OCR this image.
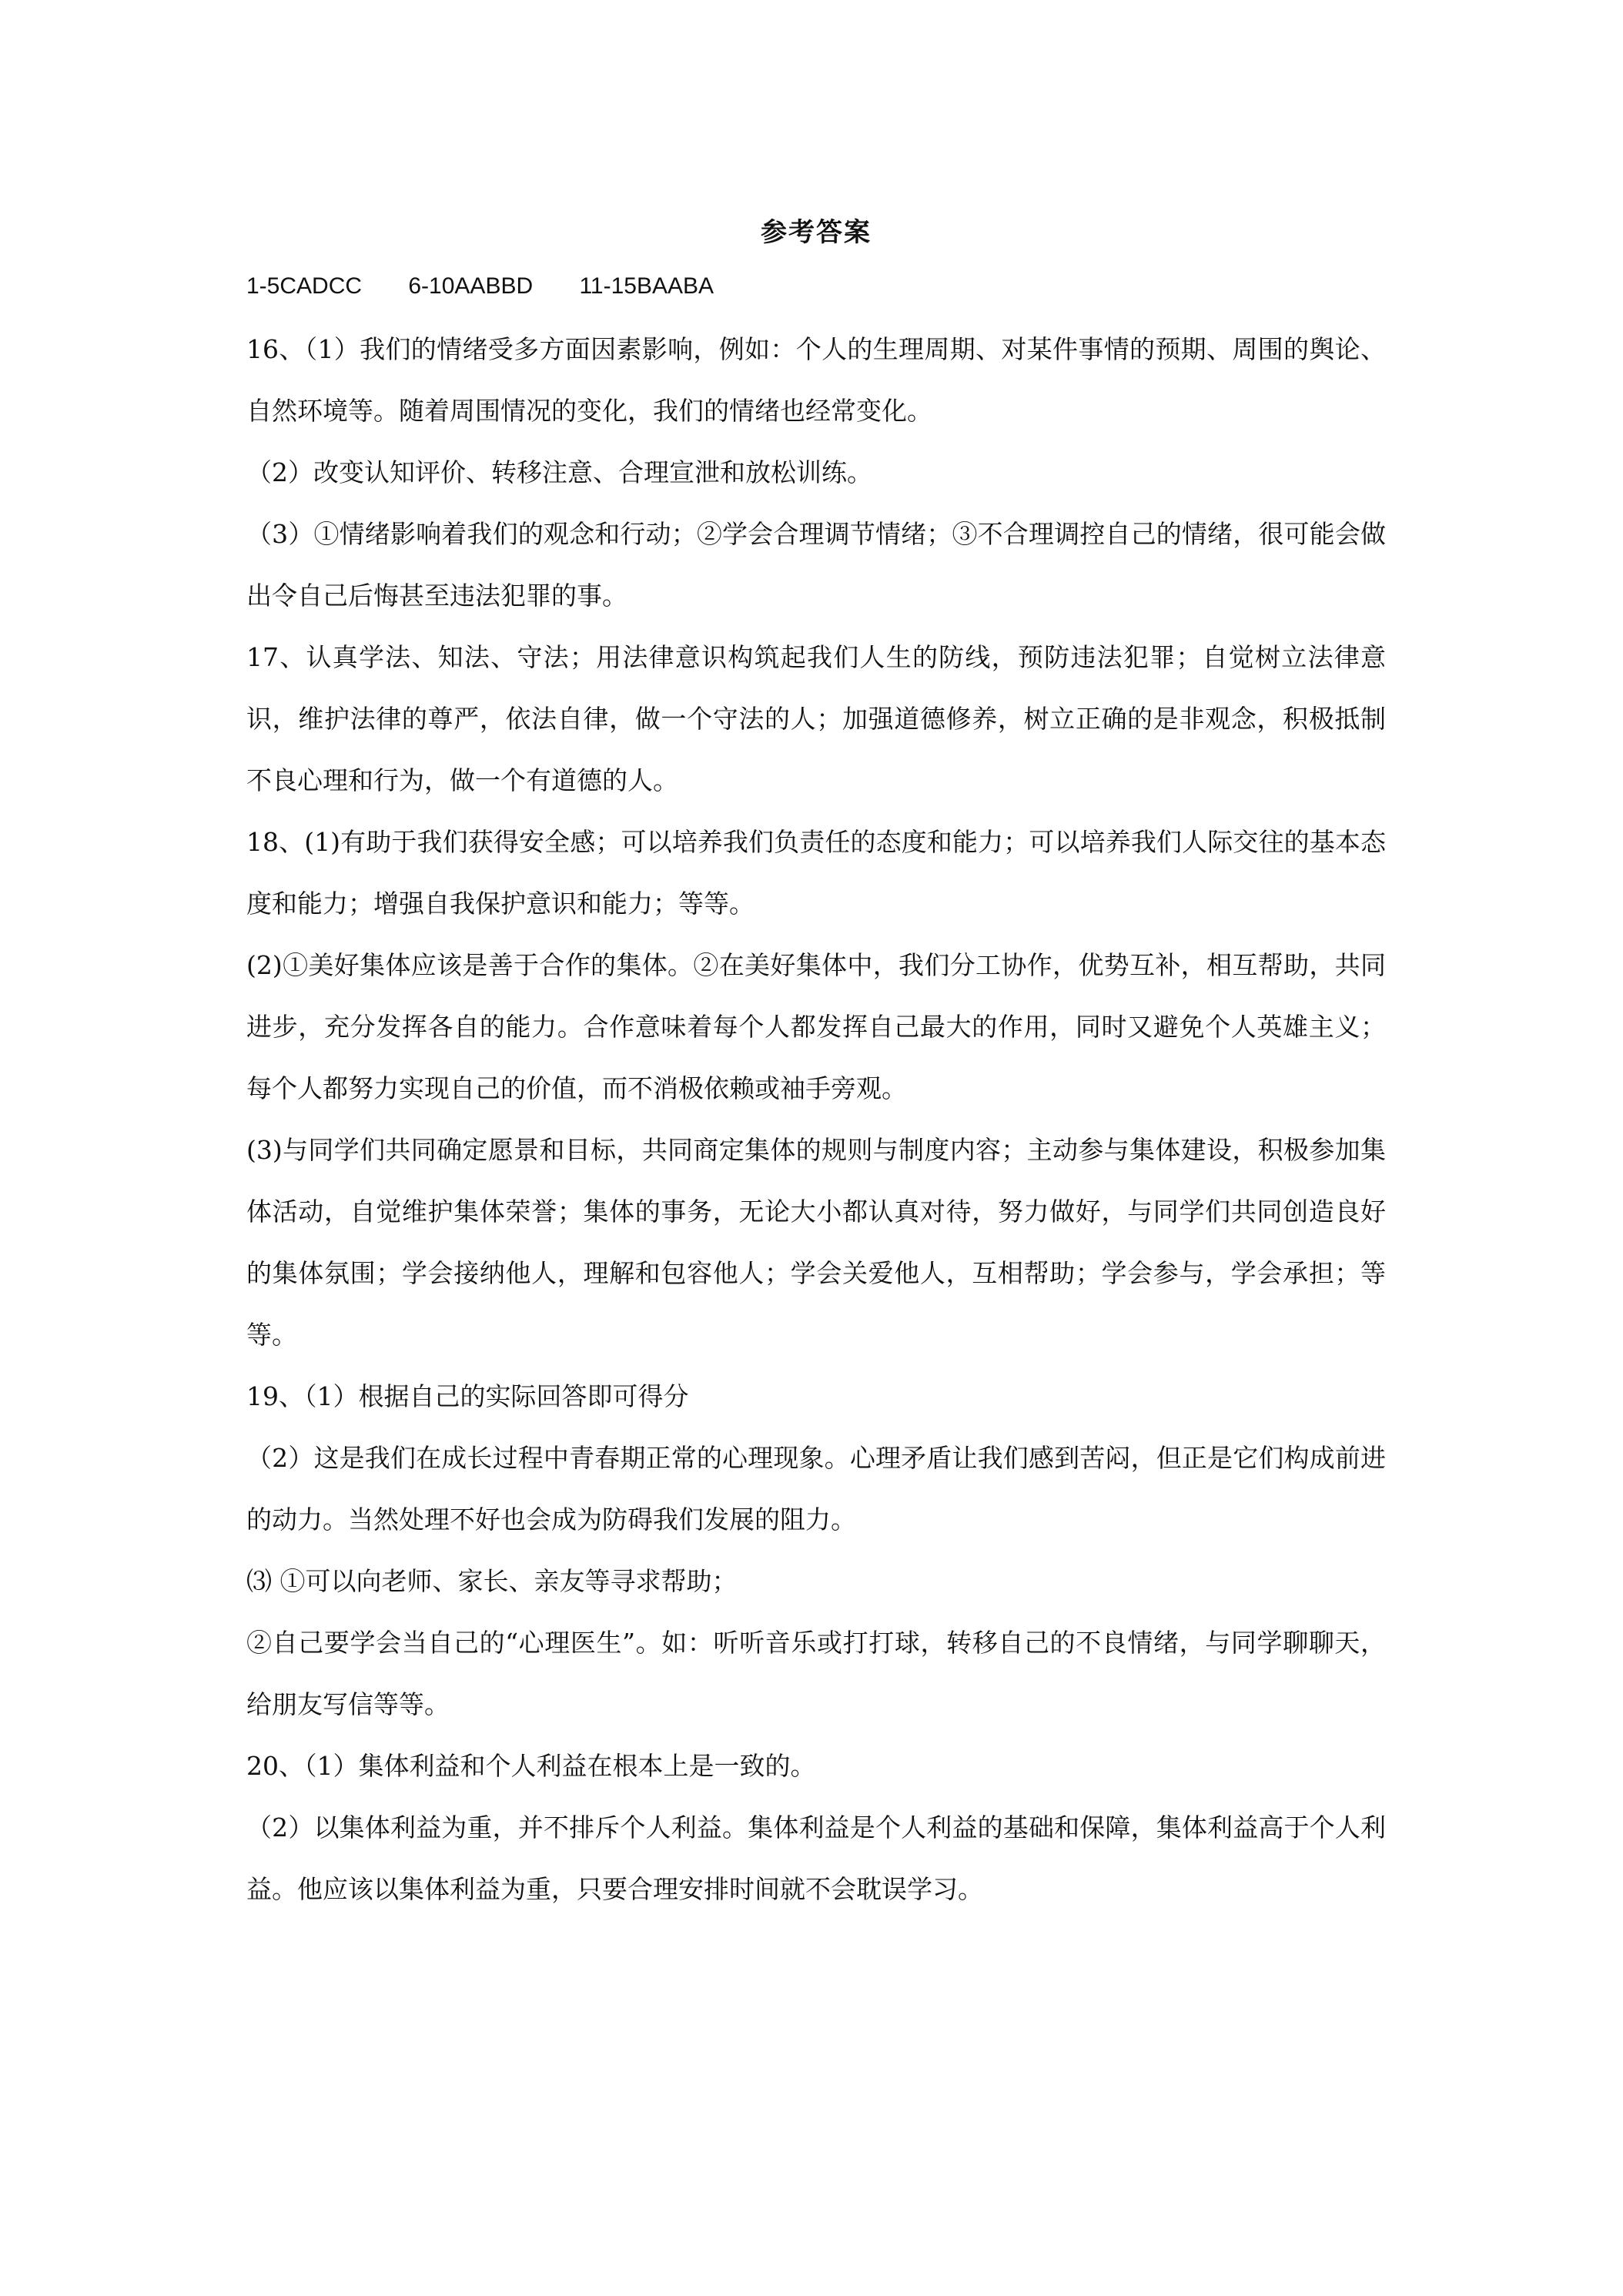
参考答案
1-5CADCC 6-10AABBD 11-15BAABA

16、（1）我们的情绪受多方面因素影响，例如：个人的生理周期、对某件事情的预期、周围的舆论、自然环境等。随着周围情况的变化，我们的情绪也经常变化。

（2）改变认知评价、转移注意、合理宣泄和放松训练。

（3）①情绪影响着我们的观念和行动；②学会合理调节情绪；③不合理调控自己的情绪，很可能会做出令自己后悔甚至违法犯罪的事。

17、认真学法、知法、守法；用法律意识构筑起我们人生的防线，预防违法犯罪；自觉树立法律意识，维护法律的尊严，依法自律，做一个守法的人；加强道德修养，树立正确的是非观念，积极抵制不良心理和行为，做一个有道德的人。

18、(1)有助于我们获得安全感；可以培养我们负责任的态度和能力；可以培养我们人际交往的基本态度和能力；增强自我保护意识和能力；等等。

(2)①美好集体应该是善于合作的集体。②在美好集体中，我们分工协作，优势互补，相互帮助，共同进步，充分发挥各自的能力。合作意味着每个人都发挥自己最大的作用，同时又避免个人英雄主义；每个人都努力实现自己的价值，而不消极依赖或袖手旁观。

(3)与同学们共同确定愿景和目标，共同商定集体的规则与制度内容；主动参与集体建设，积极参加集体活动，自觉维护集体荣誉；集体的事务，无论大小都认真对待，努力做好，与同学们共同创造良好的集体氛围；学会接纳他人，理解和包容他人；学会关爱他人，互相帮助；学会参与，学会承担；等等。

19、（1）根据自己的实际回答即可得分

（2）这是我们在成长过程中青春期正常的心理现象。心理矛盾让我们感到苦闷，但正是它们构成前进的动力。当然处理不好也会成为防碍我们发展的阻力。

⑶ ①可以向老师、家长、亲友等寻求帮助；

②自己要学会当自己的“心理医生”。如：听听音乐或打打球，转移自己的不良情绪，与同学聊聊天，给朋友写信等等。

20、（1）集体利益和个人利益在根本上是一致的。

（2）以集体利益为重，并不排斥个人利益。集体利益是个人利益的基础和保障，集体利益高于个人利益。他应该以集体利益为重，只要合理安排时间就不会耽误学习。
